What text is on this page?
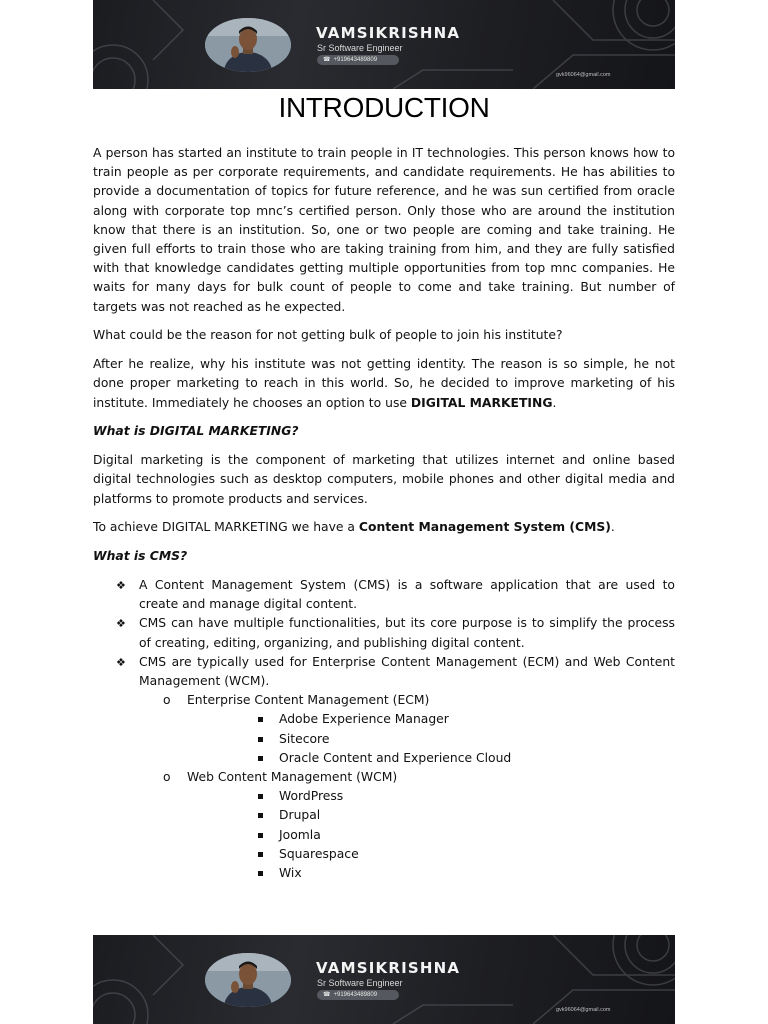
VAMSIKRISHNA
Sr Software Engineer
☎ +919643489809
gvk96064@gmail.com
INTRODUCTION

A person has started an institute to train people in IT technologies. This person knows how to train people as per corporate requirements, and candidate requirements. He has abilities to provide a documentation of topics for future reference, and he was sun certified from oracle along with corporate top mnc’s certified person. Only those who are around the institution know that there is an institution. So, one or two people are coming and take training. He given full efforts to train those who are taking training from him, and they are fully satisfied with that knowledge candidates getting multiple opportunities from top mnc companies. He waits for many days for bulk count of people to come and take training. But number of targets was not reached as he expected.

What could be the reason for not getting bulk of people to join his institute?

After he realize, why his institute was not getting identity. The reason is so simple, he not done proper marketing to reach in this world. So, he decided to improve marketing of his institute. Immediately he chooses an option to use DIGITAL MARKETING.

What is DIGITAL MARKETING?

Digital marketing is the component of marketing that utilizes internet and online based digital technologies such as desktop computers, mobile phones and other digital media and platforms to promote products and services.

To achieve DIGITAL MARKETING we have a Content Management System (CMS).

What is CMS?

❖ A Content Management System (CMS) is a software application that are used to create and manage digital content.
❖ CMS can have multiple functionalities, but its core purpose is to simplify the process of creating, editing, organizing, and publishing digital content.
❖ CMS are typically used for Enterprise Content Management (ECM) and Web Content Management (WCM).
o Enterprise Content Management (ECM)
Adobe Experience Manager
Sitecore
Oracle Content and Experience Cloud
o Web Content Management (WCM)
WordPress
Drupal
Joomla
Squarespace
Wix
VAMSIKRISHNA
Sr Software Engineer
☎ +919643489809
gvk96064@gmail.com
